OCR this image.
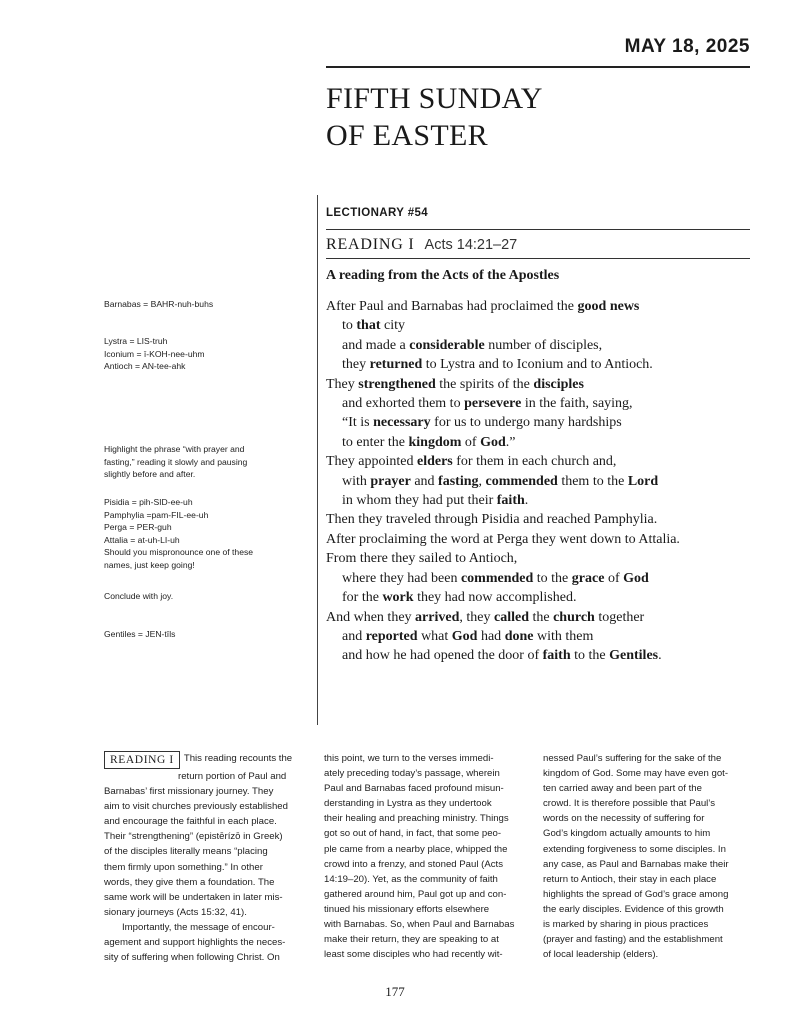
MAY 18, 2025
FIFTH SUNDAY
OF EASTER
LECTIONARY #54
READING I Acts 14:21–27
A reading from the Acts of the Apostles
After Paul and Barnabas had proclaimed the good news
to that city
and made a considerable number of disciples,
they returned to Lystra and to Iconium and to Antioch.
They strengthened the spirits of the disciples
and exhorted them to persevere in the faith, saying,
“It is necessary for us to undergo many hardships
to enter the kingdom of God.”
They appointed elders for them in each church and,
with prayer and fasting, commended them to the Lord
in whom they had put their faith.
Then they traveled through Pisidia and reached Pamphylia.
After proclaiming the word at Perga they went down to Attalia.
From there they sailed to Antioch,
where they had been commended to the grace of God
for the work they had now accomplished.
And when they arrived, they called the church together
and reported what God had done with them
and how he had opened the door of faith to the Gentiles.
Barnabas = BAHR-nuh-buhs
Lystra = LIS-truh
Iconium = ī-KOH-nee-uhm
Antioch = AN-tee-ahk
Highlight the phrase “with prayer and
fasting,” reading it slowly and pausing
slightly before and after.
Pisidia = pih-SID-ee-uh
Pamphylia =pam-FIL-ee-uh
Perga = PER-guh
Attalia = at-uh-LI-uh
Should you mispronounce one of these
names, just keep going!
Conclude with joy.
Gentiles = JEN-tīls
READING I This reading recounts the
return portion of Paul and
Barnabas’ first missionary journey. They
aim to visit churches previously established
and encourage the faithful in each place.
Their “strengthening” (epistērízō in Greek)
of the disciples literally means “placing
them firmly upon something.” In other
words, they give them a foundation. The
same work will be undertaken in later mis-
sionary journeys (Acts 15:32, 41).
Importantly, the message of encour-
agement and support highlights the neces-
sity of suffering when following Christ. On
this point, we turn to the verses immedi-
ately preceding today’s passage, wherein
Paul and Barnabas faced profound misun-
derstanding in Lystra as they undertook
their healing and preaching ministry. Things
got so out of hand, in fact, that some peo-
ple came from a nearby place, whipped the
crowd into a frenzy, and stoned Paul (Acts
14:19–20). Yet, as the community of faith
gathered around him, Paul got up and con-
tinued his missionary efforts elsewhere
with Barnabas. So, when Paul and Barnabas
make their return, they are speaking to at
least some disciples who had recently wit-
nessed Paul’s suffering for the sake of the
kingdom of God. Some may have even got-
ten carried away and been part of the
crowd. It is therefore possible that Paul’s
words on the necessity of suffering for
God’s kingdom actually amounts to him
extending forgiveness to some disciples. In
any case, as Paul and Barnabas make their
return to Antioch, their stay in each place
highlights the spread of God’s grace among
the early disciples. Evidence of this growth
is marked by sharing in pious practices
(prayer and fasting) and the establishment
of local leadership (elders).
177
